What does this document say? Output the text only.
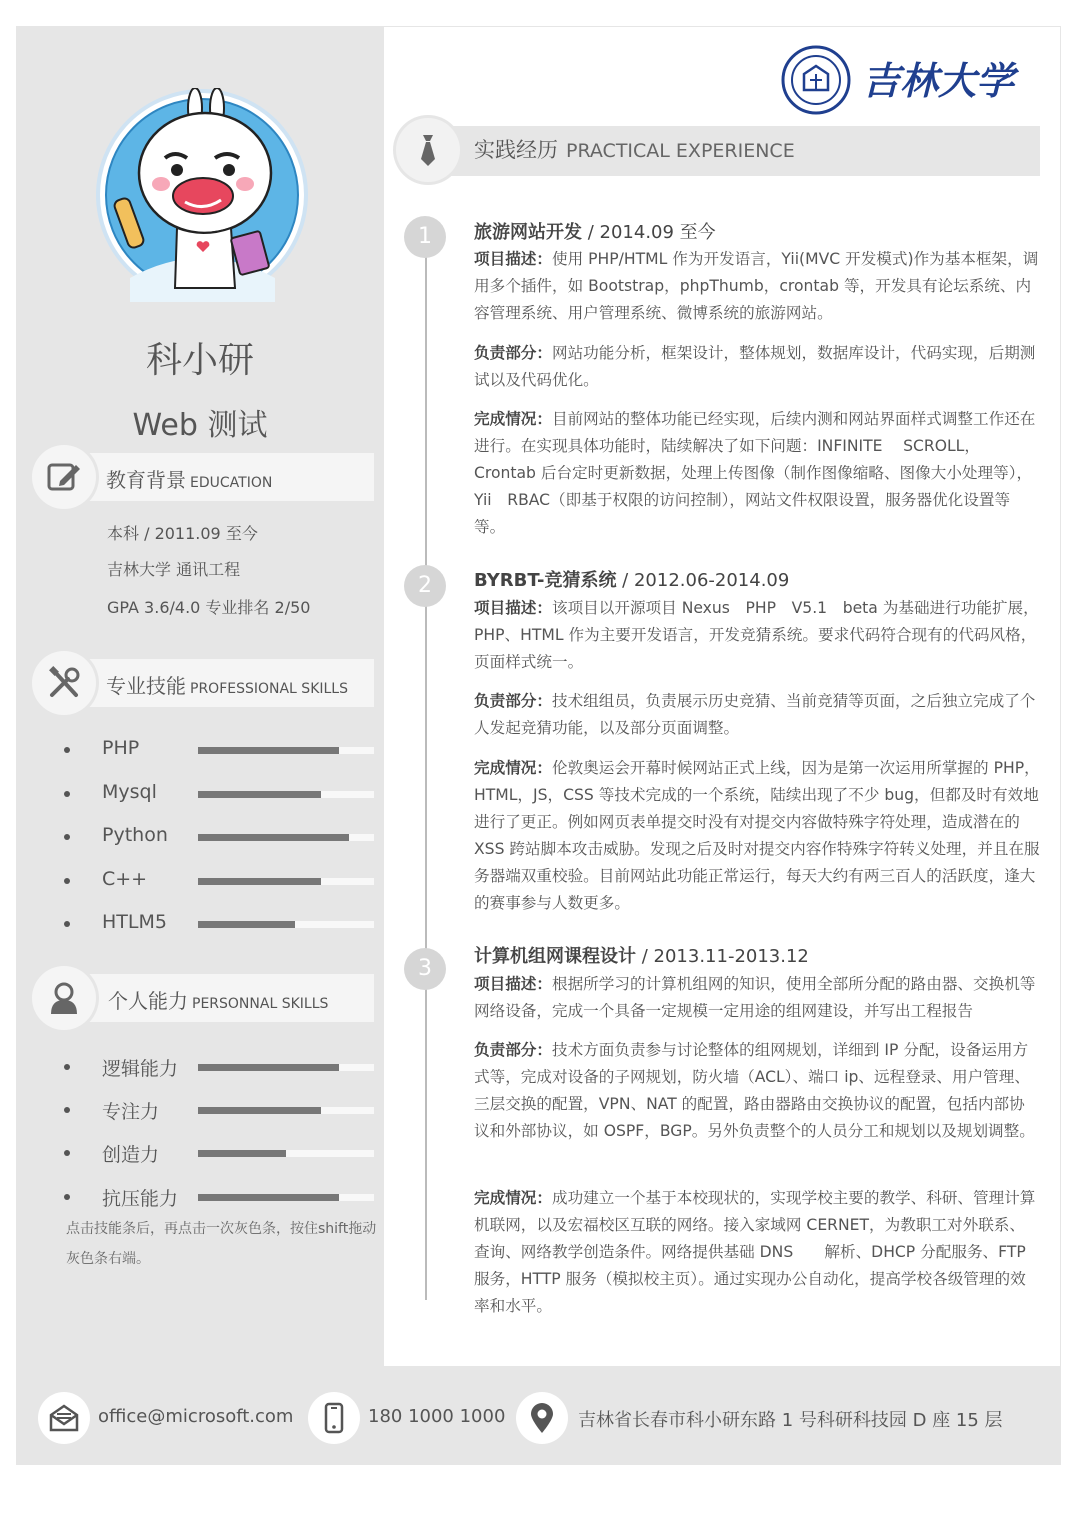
科小研
Web 测试
教育背景 EDUCATION
本科 / 2011.09 至今
吉林大学 通讯工程
GPA 3.6/4.0 专业排名 2/50
专业技能 PROFESSIONAL SKILLS
PHP
Mysql
Python
C++
HTLM5
个人能力 PERSONNAL SKILLS
逻辑能力
专注力
创造力
抗压能力
点击技能条后，再点击一次灰色条，按住shift拖动灰色条右端。
吉林大学
实践经历 PRACTICAL EXPERIENCE
1	旅游网站开发 / 2014.09 至今
项目描述：使用 PHP/HTML 作为开发语言，Yii(MVC 开发模式)作为基本框架，调用多个插件，如 Bootstrap，phpThumb，crontab 等，开发具有论坛系统、内容管理系统、用户管理系统、微博系统的旅游网站。
负责部分：网站功能分析，框架设计，整体规划，数据库设计，代码实现，后期测试以及代码优化。
完成情况：目前网站的整体功能已经实现，后续内测和网站界面样式调整工作还在进行。在实现具体功能时，陆续解决了如下问题：INFINITE　 SCROLL，Crontab 后台定时更新数据，处理上传图像（制作图像缩略、图像大小处理等），Yii　RBAC（即基于权限的访问控制），网站文件权限设置，服务器优化设置等等。
2	BYRBT-竞猜系统 / 2012.06-2014.09
项目描述：该项目以开源项目 Nexus　PHP　V5.1　beta 为基础进行功能扩展，PHP、HTML 作为主要开发语言，开发竞猜系统。要求代码符合现有的代码风格，页面样式统一。
负责部分：技术组组员，负责展示历史竞猜、当前竞猜等页面，之后独立完成了个人发起竞猜功能，以及部分页面调整。
完成情况：伦敦奥运会开幕时候网站正式上线，因为是第一次运用所掌握的 PHP，HTML，JS，CSS 等技术完成的一个系统，陆续出现了不少 bug，但都及时有效地进行了更正。例如网页表单提交时没有对提交内容做特殊字符处理，造成潜在的 XSS 跨站脚本攻击威胁。发现之后及时对提交内容作特殊字符转义处理，并且在服务器端双重校验。目前网站此功能正常运行，每天大约有两三百人的活跃度，逢大的赛事参与人数更多。
3	计算机组网课程设计 / 2013.11-2013.12
项目描述：根据所学习的计算机组网的知识，使用全部所分配的路由器、交换机等网络设备，完成一个具备一定规模一定用途的组网建设，并写出工程报告
负责部分：技术方面负责参与讨论整体的组网规划，详细到 IP 分配，设备运用方式等，完成对设备的子网规划，防火墙（ACL）、端口 ip、远程登录、用户管理、三层交换的配置，VPN、NAT 的配置，路由器路由交换协议的配置，包括内部协议和外部协议，如 OSPF，BGP。另外负责整个的人员分工和规划以及规划调整。
完成情况：成功建立一个基于本校现状的，实现学校主要的教学、科研、管理计算机联网，以及宏福校区互联的网络。接入家域网 CERNET，为教职工对外联系、查询、网络教学创造条件。网络提供基础 DNS　　解析、DHCP 分配服务、FTP 服务，HTTP 服务（模拟校主页）。通过实现办公自动化，提高学校各级管理的效率和水平。
office@microsoft.com	180 1000 1000	吉林省长春市科小研东路 1 号科研科技园 D 座 15 层
